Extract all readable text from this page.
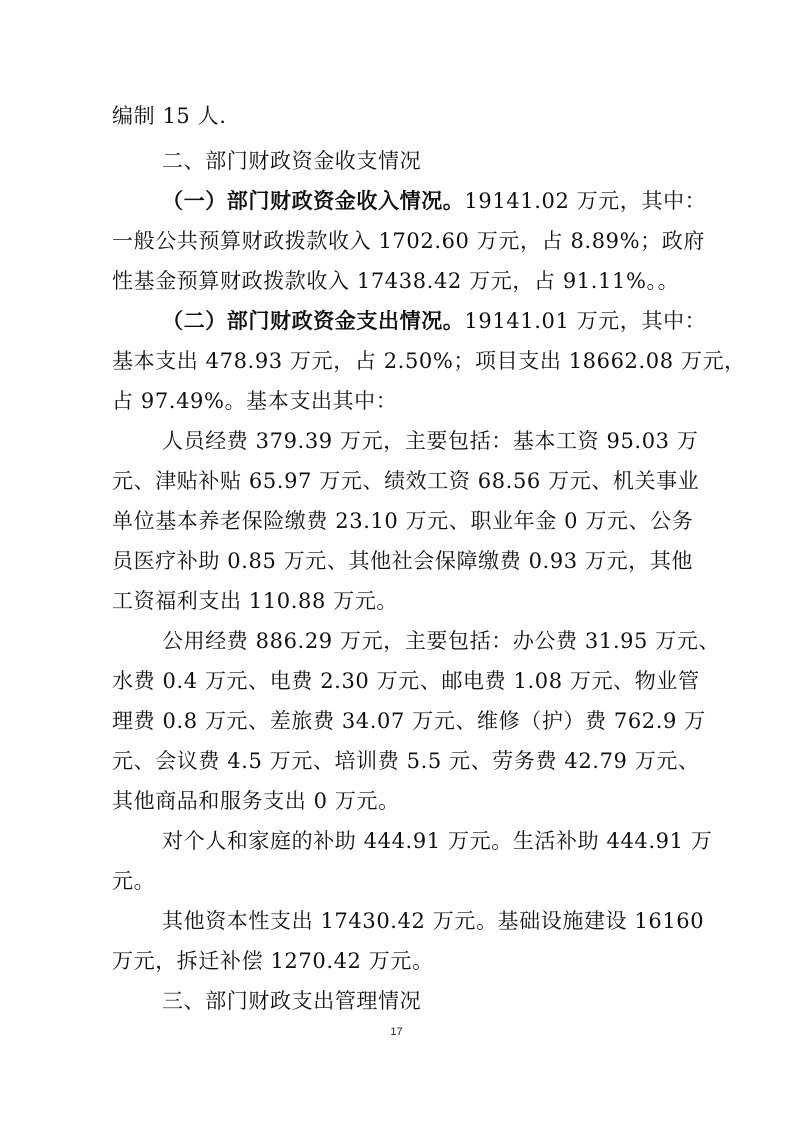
编制 15 人.
二、部门财政资金收支情况
（一）部门财政资金收入情况。19141.02 万元，其中：
一般公共预算财政拨款收入 1702.60 万元，占 8.89%；政府
性基金预算财政拨款收入 17438.42 万元，占 91.11%。。
（二）部门财政资金支出情况。19141.01 万元，其中：
基本支出 478.93 万元，占 2.50%；项目支出 18662.08 万元，
占 97.49%。基本支出其中：
人员经费 379.39 万元，主要包括：基本工资 95.03 万
元、津贴补贴 65.97 万元、绩效工资 68.56 万元、机关事业
单位基本养老保险缴费 23.10 万元、职业年金 0 万元、公务
员医疗补助 0.85 万元、其他社会保障缴费 0.93 万元，其他
工资福利支出 110.88 万元。
公用经费 886.29 万元，主要包括：办公费 31.95 万元、
水费 0.4 万元、电费 2.30 万元、邮电费 1.08 万元、物业管
理费 0.8 万元、差旅费 34.07 万元、维修（护）费 762.9 万
元、会议费 4.5 万元、培训费 5.5 元、劳务费 42.79 万元、
其他商品和服务支出 0 万元。
对个人和家庭的补助 444.91 万元。生活补助 444.91 万
元。
其他资本性支出 17430.42 万元。基础设施建设 16160
万元，拆迁补偿 1270.42 万元。
三、部门财政支出管理情况
17
